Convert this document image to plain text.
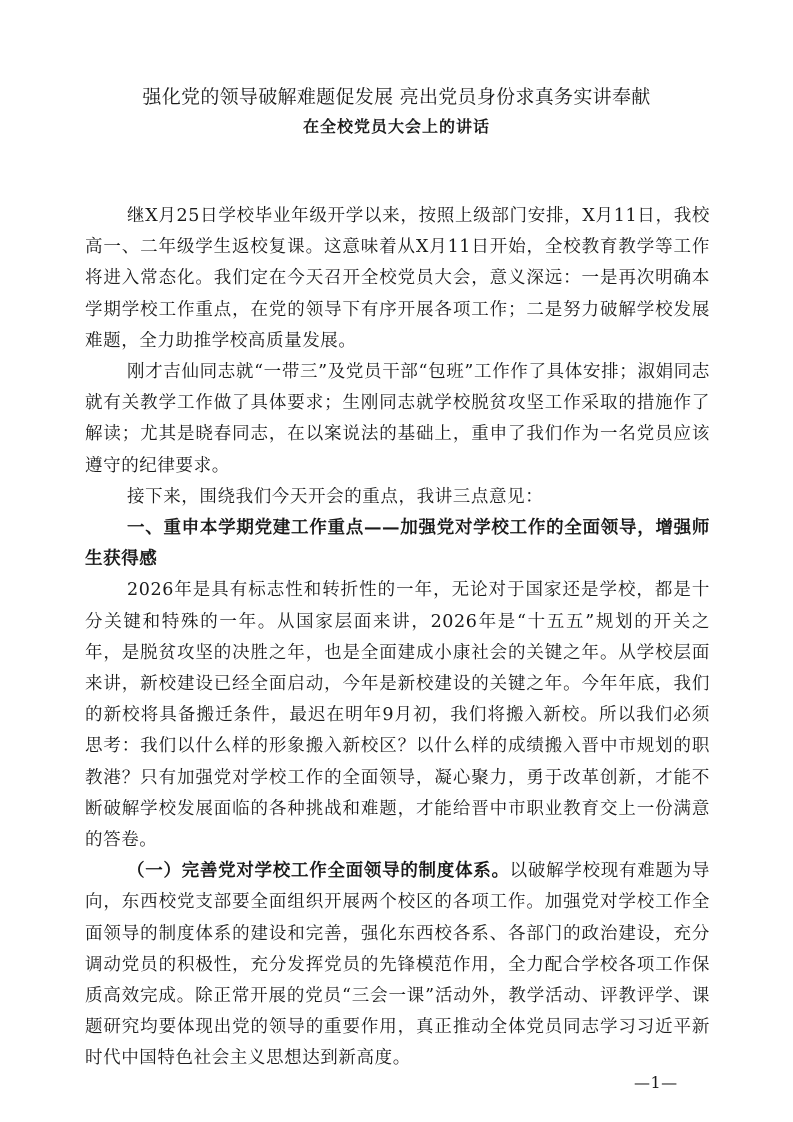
强化党的领导破解难题促发展 亮出党员身份求真务实讲奉献
在全校党员大会上的讲话

继X月25日学校毕业年级开学以来，按照上级部门安排，X月11日，我校高一、二年级学生返校复课。这意味着从X月11日开始，全校教育教学等工作将进入常态化。我们定在今天召开全校党员大会，意义深远：一是再次明确本学期学校工作重点，在党的领导下有序开展各项工作；二是努力破解学校发展难题，全力助推学校高质量发展。

刚才吉仙同志就“一带三”及党员干部“包班”工作作了具体安排；淑娟同志就有关教学工作做了具体要求；生刚同志就学校脱贫攻坚工作采取的措施作了解读；尤其是晓春同志，在以案说法的基础上，重申了我们作为一名党员应该遵守的纪律要求。

接下来，围绕我们今天开会的重点，我讲三点意见：

一、重申本学期党建工作重点——加强党对学校工作的全面领导，增强师生获得感

2026年是具有标志性和转折性的一年，无论对于国家还是学校，都是十分关键和特殊的一年。从国家层面来讲，2026年是“十五五”规划的开关之年，是脱贫攻坚的决胜之年，也是全面建成小康社会的关键之年。从学校层面来讲，新校建设已经全面启动，今年是新校建设的关键之年。今年年底，我们的新校将具备搬迁条件，最迟在明年9月初，我们将搬入新校。所以我们必须思考：我们以什么样的形象搬入新校区？以什么样的成绩搬入晋中市规划的职教港？只有加强党对学校工作的全面领导，凝心聚力，勇于改革创新，才能不断破解学校发展面临的各种挑战和难题，才能给晋中市职业教育交上一份满意的答卷。

（一）完善党对学校工作全面领导的制度体系。以破解学校现有难题为导向，东西校党支部要全面组织开展两个校区的各项工作。加强党对学校工作全面领导的制度体系的建设和完善，强化东西校各系、各部门的政治建设，充分调动党员的积极性，充分发挥党员的先锋模范作用，全力配合学校各项工作保质高效完成。除正常开展的党员“三会一课”活动外，教学活动、评教评学、课题研究均要体现出党的领导的重要作用，真正推动全体党员同志学习习近平新时代中国特色社会主义思想达到新高度。

—1—
